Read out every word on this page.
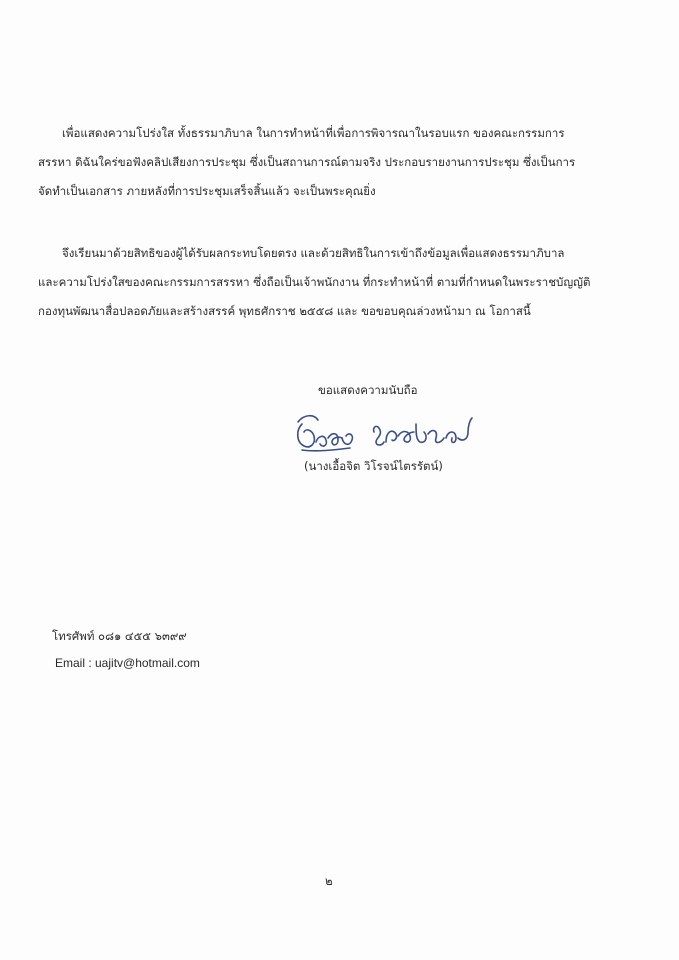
เพื่อแสดงความโปร่งใส ทั้งธรรมาภิบาล ในการทำหน้าที่เพื่อการพิจารณาในรอบแรก ของคณะกรรมการ
สรรหา ดิฉันใคร่ขอฟังคลิปเสียงการประชุม ซึ่งเป็นสถานการณ์ตามจริง ประกอบรายงานการประชุม ซึ่งเป็นการ
จัดทำเป็นเอกสาร ภายหลังที่การประชุมเสร็จสิ้นแล้ว จะเป็นพระคุณยิ่ง
จึงเรียนมาด้วยสิทธิของผู้ได้รับผลกระทบโดยตรง และด้วยสิทธิในการเข้าถึงข้อมูลเพื่อแสดงธรรมาภิบาล
และความโปร่งใสของคณะกรรมการสรรหา ซึ่งถือเป็นเจ้าพนักงาน ที่กระทำหน้าที่ ตามที่กำหนดในพระราชบัญญัติ
กองทุนพัฒนาสื่อปลอดภัยและสร้างสรรค์ พุทธศักราช ๒๕๕๘ และ ขอขอบคุณล่วงหน้ามา ณ โอกาสนี้
ขอแสดงความนับถือ
(นางเอื้อจิต วิโรจน์ไตรรัตน์)
โทรศัพท์ ๐๘๑ ๔๕๕ ๖๓๙๙
Email : uajitv@hotmail.com
๒
